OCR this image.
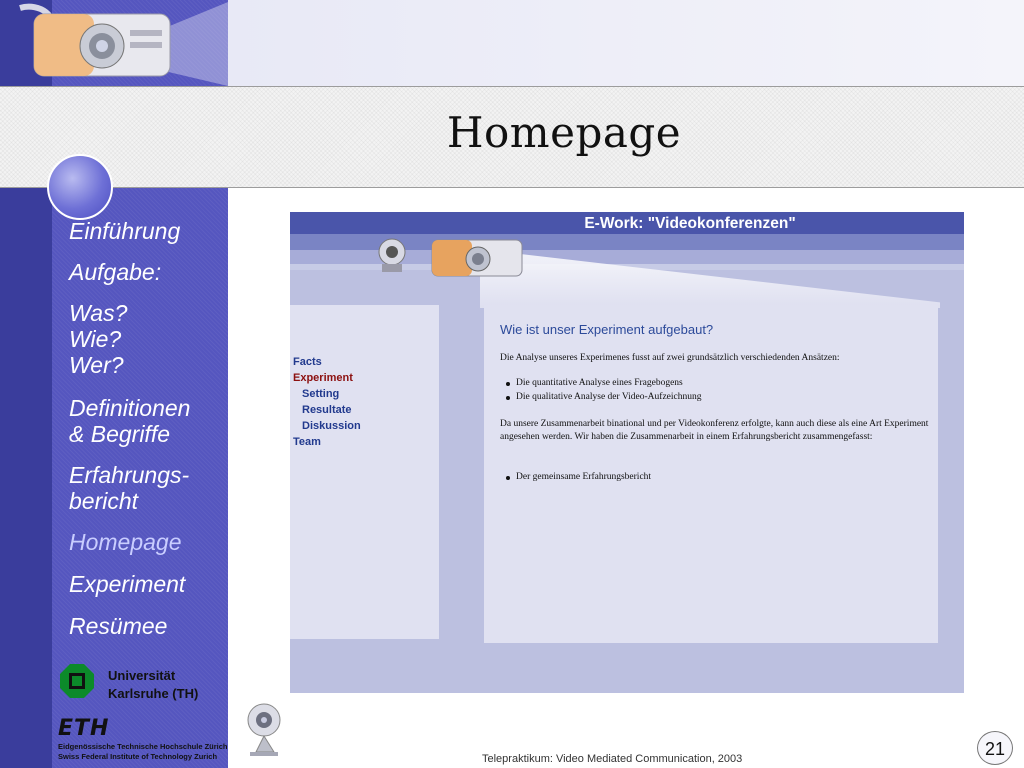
Homepage
Einführung
Aufgabe:
Was?
Wie?
Wer?
Definitionen
& Begriffe
Erfahrungs-
bericht
Homepage
Experiment
Resümee
Universität
Karlsruhe (TH)
ETH
Eidgenössische Technische Hochschule Zürich
Swiss Federal Institute of Technology Zurich
E-Work: "Videokonferenzen"
Facts
Experiment
Setting
Resultate
Diskussion
Team
Wie ist unser Experiment aufgebaut?
Die Analyse unseres Experimenes fusst auf zwei grundsätzlich verschiedenden Ansätzen:
Die quantitative Analyse eines Fragebogens
Die qualitative Analyse der Video-Aufzeichnung
Da unsere Zusammenarbeit binational und per Videokonferenz erfolgte, kann auch diese als eine Art Experiment angesehen werden. Wir haben die Zusammenarbeit in einem Erfahrungsbericht zusammengefasst:
Der gemeinsame Erfahrungsbericht
Telepraktikum: Video Mediated Communication, 2003	21
